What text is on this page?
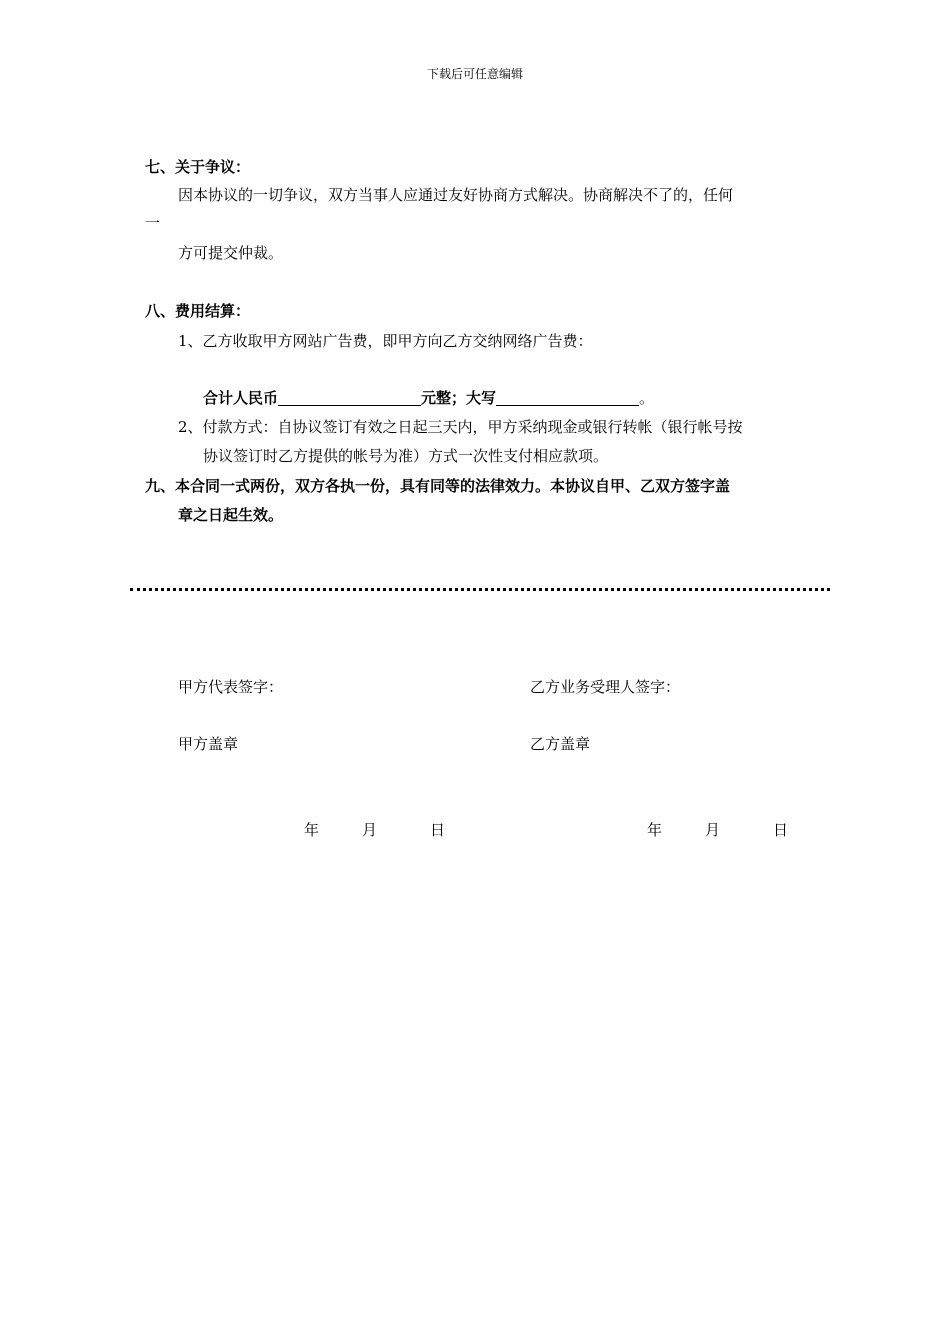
下载后可任意编辑
七、关于争议：
因本协议的一切争议，双方当事人应通过友好协商方式解决。协商解决不了的，任何
一
方可提交仲裁。
八、费用结算：
1、乙方收取甲方网站广告费，即甲方向乙方交纳网络广告费：
合计人民币	元整；大写	。
2、付款方式：自协议签订有效之日起三天内，甲方采纳现金或银行转帐（银行帐号按
协议签订时乙方提供的帐号为准）方式一次性支付相应款项。
九、本合同一式两份，双方各执一份，具有同等的法律效力。本协议自甲、乙双方签字盖
章之日起生效。
甲方代表签字：	乙方业务受理人签字：
甲方盖章	乙方盖章
年	月	日	年	月	日
